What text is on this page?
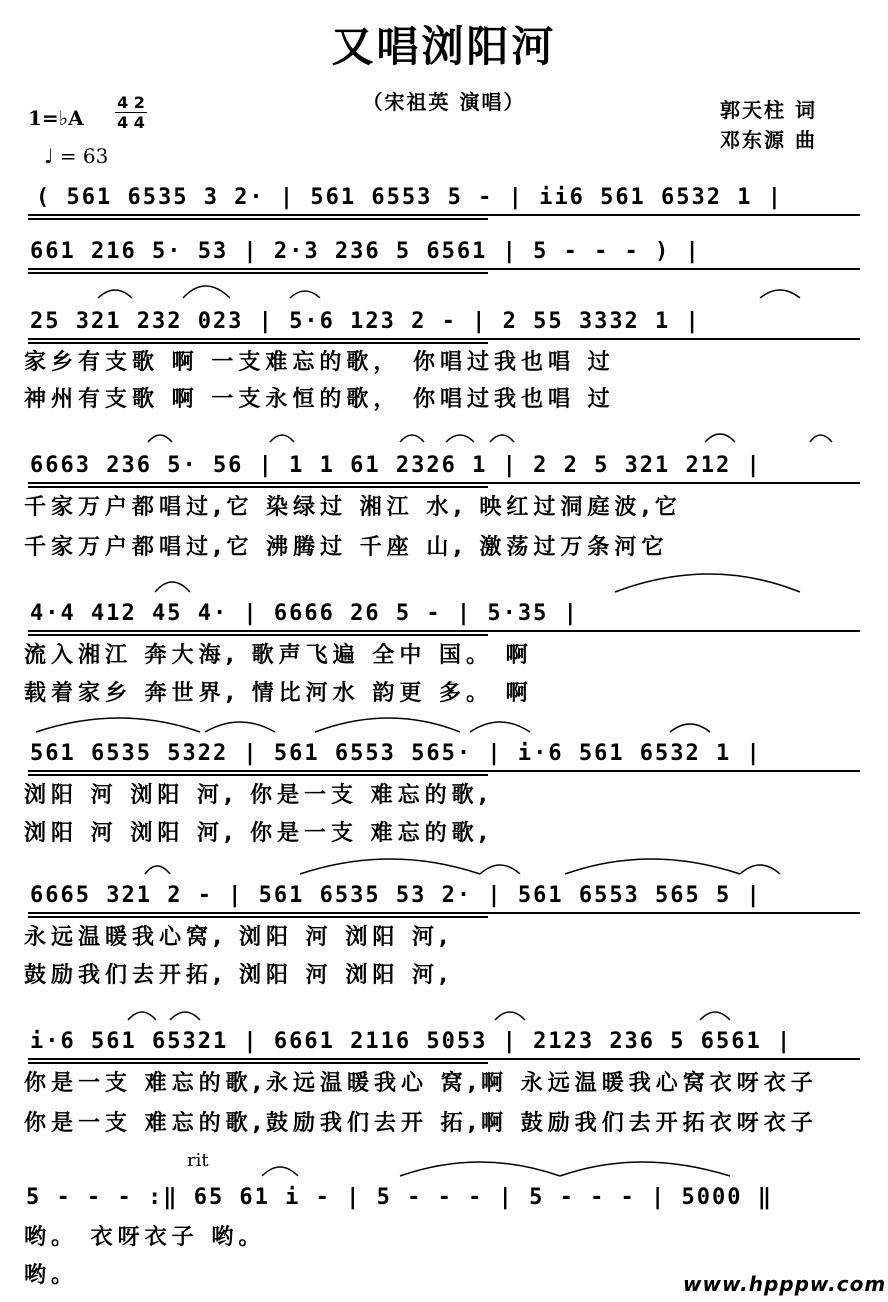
又唱浏阳河
（宋祖英 演唱）	郭天柱 词
邓东源 曲
1=♭A
4 2
4 4
♩ = 63
( 561 6535 3 2· | 561 6553 5 - | ii6 561 6532 1 |
661 216 5· 53 | 2·3 236 5 6561 | 5 - - - ) |
25 321 232 023 | 5·6 123 2 - | 2 55 3332 1 |
家乡有支歌 啊 一支难忘的歌， 你唱过我也唱 过
神州有支歌 啊 一支永恒的歌， 你唱过我也唱 过
6663 236 5· 56 | 1 1 61 2326 1 | 2 2 5 321 212 |
千家万户都唱过,它 染绿过 湘江 水, 映红过洞庭波,它
千家万户都唱过,它 沸腾过 千座 山, 激荡过万条河它
4·4 412 45 4· | 6666 26 5 - | 5·35 |
流入湘江 奔大海, 歌声飞遍 全中 国。 啊
载着家乡 奔世界, 情比河水 韵更 多。 啊
561 6535 5322 | 561 6553 565· | i·6 561 6532 1 |
浏阳 河 浏阳 河, 你是一支 难忘的歌,
浏阳 河 浏阳 河, 你是一支 难忘的歌,
6665 321 2 - | 561 6535 53 2· | 561 6553 565 5 |
永远温暖我心窝, 浏阳 河 浏阳 河,
鼓励我们去开拓, 浏阳 河 浏阳 河,
i·6 561 65321 | 6661 2116 5053 | 2123 236 5 6561 |
你是一支 难忘的歌,永远温暖我心 窝,啊 永远温暖我心窝衣呀衣子
你是一支 难忘的歌,鼓励我们去开 拓,啊 鼓励我们去开拓衣呀衣子
rit
5 - - - :‖ 65 61 i - | 5 - - - | 5 - - - | 5000 ‖
哟。 衣呀衣子 哟。
哟。	www.hpppw.com
